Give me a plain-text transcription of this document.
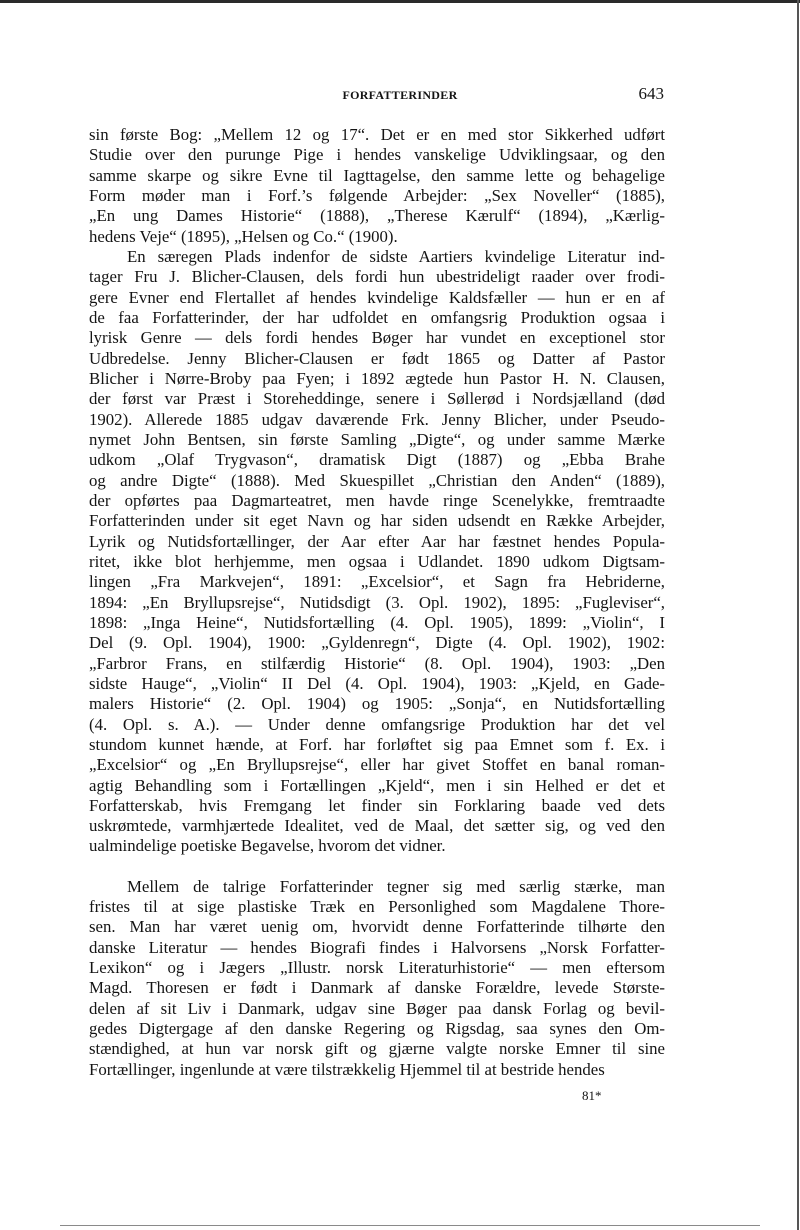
FORFATTERINDER	643

sin første Bog: „Mellem 12 og 17“. Det er en med stor Sikkerhed udført
Studie over den purunge Pige i hendes vanskelige Udviklingsaar, og den
samme skarpe og sikre Evne til Iagttagelse, den samme lette og behagelige
Form møder man i Forf.’s følgende Arbejder: „Sex Noveller“ (1885),
„En ung Dames Historie“ (1888), „Therese Kærulf“ (1894), „Kærlig-
hedens Veje“ (1895), „Helsen og Co.“ (1900).

En særegen Plads indenfor de sidste Aartiers kvindelige Literatur ind-
tager Fru J. Blicher-Clausen, dels fordi hun ubestrideligt raader over frodi-
gere Evner end Flertallet af hendes kvindelige Kaldsfæller — hun er en af
de faa Forfatterinder, der har udfoldet en omfangsrig Produktion ogsaa i
lyrisk Genre — dels fordi hendes Bøger har vundet en exceptionel stor
Udbredelse. Jenny Blicher-Clausen er født 1865 og Datter af Pastor
Blicher i Nørre-Broby paa Fyen; i 1892 ægtede hun Pastor H. N. Clausen,
der først var Præst i Storeheddinge, senere i Søllerød i Nordsjælland (død
1902). Allerede 1885 udgav daværende Frk. Jenny Blicher, under Pseudo-
nymet John Bentsen, sin første Samling „Digte“, og under samme Mærke
udkom „Olaf Trygvason“, dramatisk Digt (1887) og „Ebba Brahe
og andre Digte“ (1888). Med Skuespillet „Christian den Anden“ (1889),
der opførtes paa Dagmarteatret, men havde ringe Scenelykke, fremtraadte
Forfatterinden under sit eget Navn og har siden udsendt en Række Arbejder,
Lyrik og Nutidsfortællinger, der Aar efter Aar har fæstnet hendes Popula-
ritet, ikke blot herhjemme, men ogsaa i Udlandet. 1890 udkom Digtsam-
lingen „Fra Markvejen“, 1891: „Excelsior“, et Sagn fra Hebriderne,
1894: „En Bryllupsrejse“, Nutidsdigt (3. Opl. 1902), 1895: „Fugleviser“,
1898: „Inga Heine“, Nutidsfortælling (4. Opl. 1905), 1899: „Violin“, I
Del (9. Opl. 1904), 1900: „Gyldenregn“, Digte (4. Opl. 1902), 1902:
„Farbror Frans, en stilfærdig Historie“ (8. Opl. 1904), 1903: „Den
sidste Hauge“, „Violin“ II Del (4. Opl. 1904), 1903: „Kjeld, en Gade-
malers Historie“ (2. Opl. 1904) og 1905: „Sonja“, en Nutidsfortælling
(4. Opl. s. A.). — Under denne omfangsrige Produktion har det vel
stundom kunnet hænde, at Forf. har forløftet sig paa Emnet som f. Ex. i
„Excelsior“ og „En Bryllupsrejse“, eller har givet Stoffet en banal roman-
agtig Behandling som i Fortællingen „Kjeld“, men i sin Helhed er det et
Forfatterskab, hvis Fremgang let finder sin Forklaring baade ved dets
uskrømtede, varmhjærtede Idealitet, ved de Maal, det sætter sig, og ved den
ualmindelige poetiske Begavelse, hvorom det vidner.

Mellem de talrige Forfatterinder tegner sig med særlig stærke, man
fristes til at sige plastiske Træk en Personlighed som Magdalene Thore-
sen. Man har været uenig om, hvorvidt denne Forfatterinde tilhørte den
danske Literatur — hendes Biografi findes i Halvorsens „Norsk Forfatter-
Lexikon“ og i Jægers „Illustr. norsk Literaturhistorie“ — men eftersom
Magd. Thoresen er født i Danmark af danske Forældre, levede Største-
delen af sit Liv i Danmark, udgav sine Bøger paa dansk Forlag og bevil-
gedes Digtergage af den danske Regering og Rigsdag, saa synes den Om-
stændighed, at hun var norsk gift og gjærne valgte norske Emner til sine
Fortællinger, ingenlunde at være tilstrækkelig Hjemmel til at bestride hendes

81*
